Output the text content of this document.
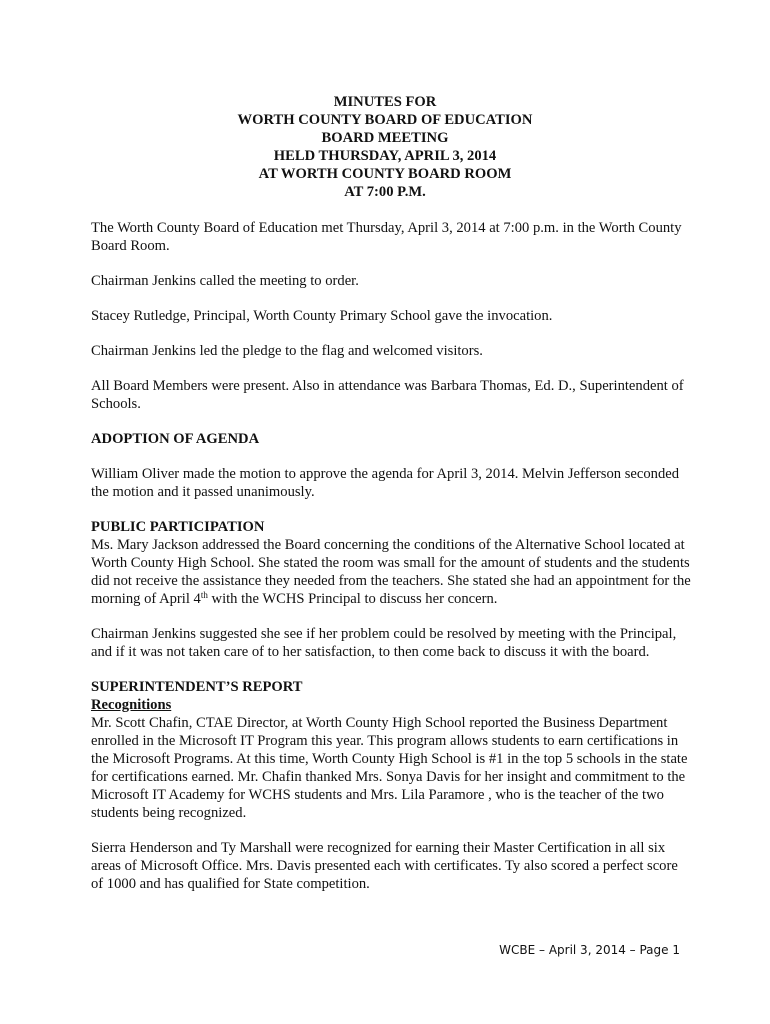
MINUTES FOR
WORTH COUNTY BOARD OF EDUCATION
BOARD MEETING
HELD THURSDAY, APRIL 3, 2014
AT WORTH COUNTY BOARD ROOM
AT 7:00 P.M.

The Worth County Board of Education met Thursday, April 3, 2014 at 7:00 p.m. in the Worth County Board Room.

Chairman Jenkins called the meeting to order.

Stacey Rutledge, Principal, Worth County Primary School gave the invocation.

Chairman Jenkins led the pledge to the flag and welcomed visitors.

All Board Members were present. Also in attendance was Barbara Thomas, Ed. D., Superintendent of Schools.

ADOPTION OF AGENDA

William Oliver made the motion to approve the agenda for April 3, 2014. Melvin Jefferson seconded the motion and it passed unanimously.

PUBLIC PARTICIPATION

Ms. Mary Jackson addressed the Board concerning the conditions of the Alternative School located at Worth County High School. She stated the room was small for the amount of students and the students did not receive the assistance they needed from the teachers. She stated she had an appointment for the morning of April 4th with the WCHS Principal to discuss her concern.

Chairman Jenkins suggested she see if her problem could be resolved by meeting with the Principal, and if it was not taken care of to her satisfaction, to then come back to discuss it with the board.

SUPERINTENDENT’S REPORT
Recognitions

Mr. Scott Chafin, CTAE Director, at Worth County High School reported the Business Department enrolled in the Microsoft IT Program this year. This program allows students to earn certifications in the Microsoft Programs. At this time, Worth County High School is #1 in the top 5 schools in the state for certifications earned. Mr. Chafin thanked Mrs. Sonya Davis for her insight and commitment to the Microsoft IT Academy for WCHS students and Mrs. Lila Paramore , who is the teacher of the two students being recognized.

Sierra Henderson and Ty Marshall were recognized for earning their Master Certification in all six areas of Microsoft Office. Mrs. Davis presented each with certificates. Ty also scored a perfect score of 1000 and has qualified for State competition.

WCBE – April 3, 2014 – Page 1
